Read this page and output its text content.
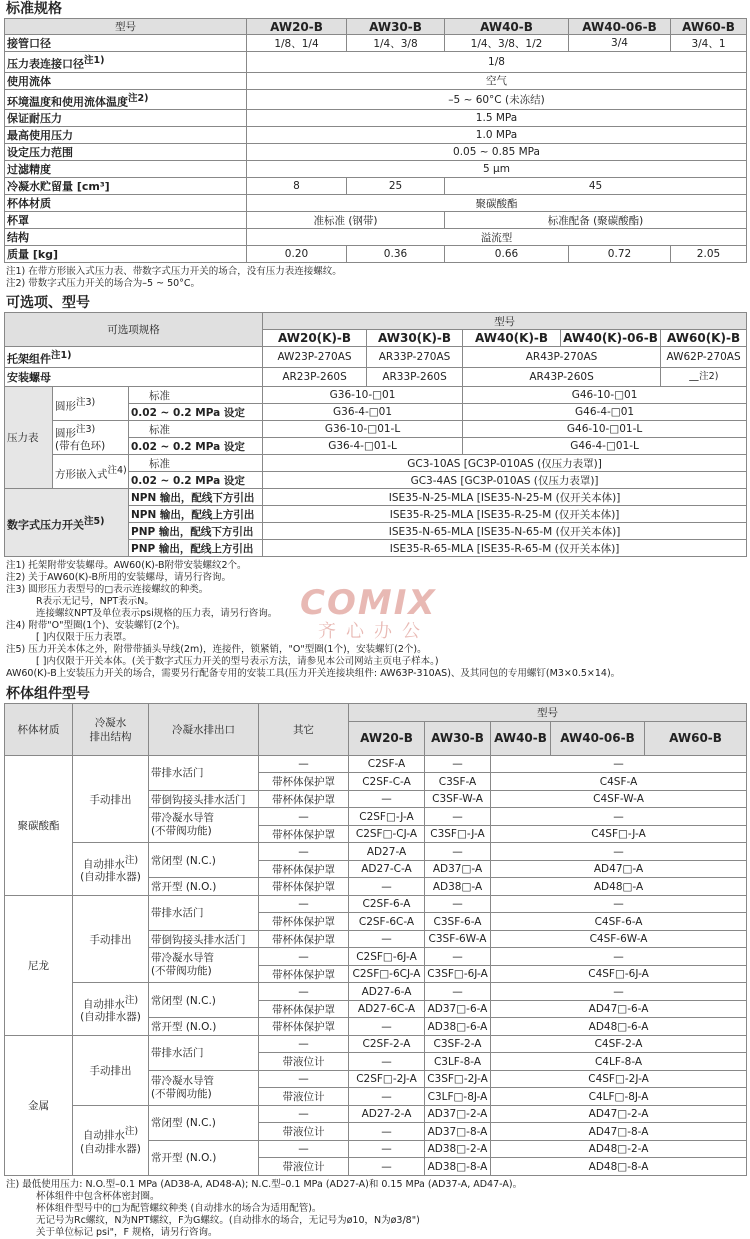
标准规格
型号	AW20-B	AW30-B	AW40-B	AW40-06-B	AW60-B
接管口径	1/8、1/4	1/4、3/8	1/4、3/8、1/2	3/4	3/4、1
压力表连接口径$^{注1)}$	1/8				
使用流体	空气				
环境温度和使用流体温度$^{注2)}$	–5 ~ 60°C (未冻结)				
保证耐压力	1.5 MPa				
最高使用压力	1.0 MPa				
设定压力范围	0.05 ~ 0.85 MPa				
过滤精度	5 μm				
冷凝水贮留量 [cm³]	8	25	45		
杯体材质	聚碳酸酯				
杯罩	准标准 (钢带)		标准配备 (聚碳酸酯)		
结构	溢流型				
质量 [kg]	0.20	0.36	0.66	0.72	2.05
注1) 在带方形嵌入式压力表、带数字式压力开关的场合，没有压力表连接螺纹。
注2) 带数字式压力开关的场合为–5 ~ 50°C。
可选项、型号
可选项规格			型号				
			AW20(K)-B	AW30(K)-B	AW40(K)-B	AW40(K)-06-B	AW60(K)-B
托架组件$^{注1)}$			AW23P-270AS	AR33P-270AS	AR43P-270AS		AW62P-270AS
安装螺母			AR23P-260S	AR33P-260S	AR43P-260S		—$^{注2)}$
压力表	圆形$^{注3)}$	标准	G36-10-□01		G46-10-□01		
		0.02 ~ 0.2 MPa 设定	G36-4-□01		G46-4-□01		
	圆形$^{注3)}$
(带有色环)	标准	G36-10-□01-L		G46-10-□01-L		
		0.02 ~ 0.2 MPa 设定	G36-4-□01-L		G46-4-□01-L		
	方形嵌入式$^{注4)}$	标准	GC3-10AS [GC3P-010AS (仅压力表罩)]				
		0.02 ~ 0.2 MPa 设定	GC3-4AS [GC3P-010AS (仅压力表罩)]				
数字式压力开关$^{注5)}$		NPN 输出，配线下方引出	ISE35-N-25-MLA [ISE35-N-25-M (仅开关本体)]				
		NPN 输出，配线上方引出	ISE35-R-25-MLA [ISE35-R-25-M (仅开关本体)]				
		PNP 输出，配线下方引出	ISE35-N-65-MLA [ISE35-N-65-M (仅开关本体)]				
		PNP 输出，配线上方引出	ISE35-R-65-MLA [ISE35-R-65-M (仅开关本体)]				
注1) 托架附带安装螺母。AW60(K)-B附带安装螺纹2个。
注2) 关于AW60(K)-B所用的安装螺母，请另行咨询。
注3) 圆形压力表型号的□表示连接螺纹的种类。
R表示无记号，NPT表示N。
连接螺纹NPT及单位表示psi规格的压力表，请另行咨询。
注4) 附带"O"型圈(1个)、安装螺钉(2个)。
[ ]内仅限于压力表罩。
注5) 压力开关本体之外，附带带插头导线(2m)，连接件，锁紧销，"O"型圈(1个)，安装螺钉(2个)。
[ ]内仅限于开关本体。(关于数字式压力开关的型号表示方法，请参见本公司网站主页电子样本。)
AW60(K)-B上安装压力开关的场合，需要另行配备专用的安装工具(压力开关连接块组件: AW63P-310AS)、及其同包的专用螺钉(M3×0.5×14)。
杯体组件型号
杯体材质	冷凝水
排出结构	冷凝水排出口	其它	型号				
				AW20-B	AW30-B	AW40-B	AW40-06-B	AW60-B
聚碳酸酯	手动排出	带排水活门	—	C2SF-A	—	—		
			带杯体保护罩	C2SF-C-A	C3SF-A	C4SF-A		
		带倒钩接头排水活门	带杯体保护罩	—	C3SF-W-A	C4SF-W-A		
		带冷凝水导管
(不带阀功能)	—	C2SF□-J-A	—	—		
			带杯体保护罩	C2SF□-CJ-A	C3SF□-J-A	C4SF□-J-A		
	自动排水$^{注)}$
(自动排水器)	常闭型 (N.C.)	—	AD27-A	—	—		
			带杯体保护罩	AD27-C-A	AD37□-A	AD47□-A		
		常开型 (N.O.)	带杯体保护罩	—	AD38□-A	AD48□-A		
尼龙	手动排出	带排水活门	—	C2SF-6-A	—	—		
			带杯体保护罩	C2SF-6C-A	C3SF-6-A	C4SF-6-A		
		带倒钩接头排水活门	带杯体保护罩	—	C3SF-6W-A	C4SF-6W-A		
		带冷凝水导管
(不带阀功能)	—	C2SF□-6J-A	—	—		
			带杯体保护罩	C2SF□-6CJ-A	C3SF□-6J-A	C4SF□-6J-A		
	自动排水$^{注)}$
(自动排水器)	常闭型 (N.C.)	—	AD27-6-A	—	—		
			带杯体保护罩	AD27-6C-A	AD37□-6-A	AD47□-6-A		
		常开型 (N.O.)	带杯体保护罩	—	AD38□-6-A	AD48□-6-A		
金属	手动排出	带排水活门	—	C2SF-2-A	C3SF-2-A	C4SF-2-A		
			带液位计	—	C3LF-8-A	C4LF-8-A		
		带冷凝水导管
(不带阀功能)	—	C2SF□-2J-A	C3SF□-2J-A	C4SF□-2J-A		
			带液位计	—	C3LF□-8J-A	C4LF□-8J-A		
	自动排水$^{注)}$
(自动排水器)	常闭型 (N.C.)	—	AD27-2-A	AD37□-2-A	AD47□-2-A		
			带液位计	—	AD37□-8-A	AD47□-8-A		
		常开型 (N.O.)	—	—	AD38□-2-A	AD48□-2-A		
			带液位计	—	AD38□-8-A	AD48□-8-A		
注) 最低使用压力: N.O.型–0.1 MPa (AD38-A, AD48-A); N.C.型–0.1 MPa (AD27-A)和 0.15 MPa (AD37-A, AD47-A)。
杯体组件中包含杯体密封圈。
杯体组件型号中的□为配管螺纹种类 (自动排水的场合为适用配管)。
无记号为Rc螺纹，N为NPT螺纹，F为G螺纹。(自动排水的场合，无记号为ø10，N为ø3/8")
关于单位标记 psi"，F 规格，请另行咨询。
COMIX
齐心办公
